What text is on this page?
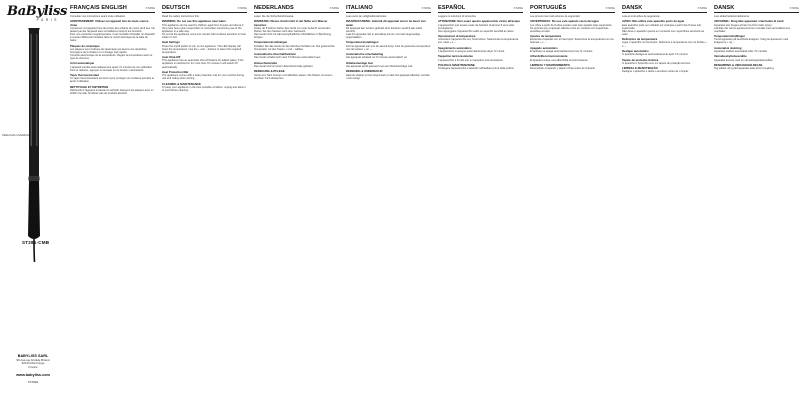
BaByliss
PARIS
Tablet'rs/Ion Multi/Ultra
ST281-CMB
BABYLISS SARL
99 Avenue Aristide Briand
92120 Montrouge
France
www.babyliss.com
ST281E
FRANÇAIS ENGLISH	ST281E
Consultez ces instructions avant toute utilisation
AVERTISSEMENT: Utilisez cet appareil loin de toute source d'eau
Conservez cet appareil hors de portée des enfants de moins de 8 ans. Ne laissez jamais l'appareil sans surveillance lorsqu'il est branché.
Pour une protection supplémentaire, il est conseillé d'installer un dispositif à courant différentiel résiduel dans le circuit électrique de la salle de bains.
Plaques de céramique
Les plaques sont revêtues de céramique qui assure une répartition homogène de la chaleur et un lissage plus rapide.
Contrôle électronique de la température. Réglez la température selon le type de cheveux.
Arrêt automatique
L'appareil s'arrête automatiquement après 72 minutes de non utilisation. Pour le rallumer, appuyez à nouveau sur le bouton marche/arrêt.
Tapis thermorésistant
Un tapis thermorésistant est fourni pour protéger vos surfaces pendant et après l'utilisation.
NETTOYAGE ET ENTRETIEN
Débranchez l'appareil et laissez-le refroidir. Essuyez les plaques avec un chiffon humide. N'utilisez pas de produits abrasifs.
DEUTSCH	ST281E
Read the safety instructions first.
WARNING: Do not use this appliance near water
This appliance can be used by children aged from 8 years and above if they have been given supervision or instruction concerning use of the appliance in a safe way.
Do not let the appliance come into contact with surfaces sensitive to heat while it is hot.
Heat Settings
Press the on/off switch to turn on the appliance. The LED display will show the temperature. Use the + and − buttons to select the required temperature.
Auto Shut-Off
This appliance has an automatic shut-off feature for added safety. If the appliance is switched on for more than 72 minutes it will switch off automatically.
Heat Protection Mat
The appliance comes with a heat protection mat for your comfort during use and safety when storing.
CLEANING & MAINTENANCE
To keep your appliance in the best possible condition, unplug and allow it to cool before cleaning.
NEDERLANDS	ST281E
Lesen Sie die Sicherheitshinweise.
WARNUNG: Dieses Gerät nicht in der Nähe von Wasser benutzen
Kinder ab 8 Jahren dürfen das Gerät nur unter Aufsicht verwenden. Ziehen Sie den Stecker nach dem Gebrauch.
Das Gerät nicht mit wärmeempfindlichen Oberflächen in Berührung bringen.
Temperatureinstellungen
Schalten Sie das Gerät mit dem Ein/Aus-Schalter ein. Die gewünschte Temperatur mit den Tasten + und − wählen.
Automatische Abschaltfunktion
Das Gerät schaltet sich nach 72 Minuten automatisch aus.
Hitzeschutzmatte
Das Gerät wird mit einer Hitzeschutzmatte geliefert.
REINIGUNG & PFLEGE
Gerät vom Netz trennen und abkühlen lassen. Die Platten mit einem feuchten Tuch abwischen.
ITALIANO	ST281E
Lees eerst de veiligheidsinstructies.
WAARSCHUWING: Gebruik dit apparaat niet in de buurt van water
Dit apparaat kan worden gebruikt door kinderen vanaf 8 jaar onder toezicht.
Laat het apparaat niet in aanraking komen met warmtegevoelige oppervlakken.
Temperatuurinstellingen
Zet het apparaat aan met de aan/uit-knop. Kies de gewenste temperatuur met de toetsen + en −.
Automatische uitschakeling
Het apparaat schakelt na 72 minuten automatisch uit.
Hittebestendige mat
Het apparaat wordt geleverd met een hittebestendige mat.
REINIGING & ONDERHOUD
Haal de stekker uit het stopcontact en laat het apparaat afkoelen voordat u het reinigt.
ESPAÑOL	ST281E
Leggere le istruzioni di sicurezza.
ATTENZIONE: Non usare questo apparecchio vicino all'acqua
L'apparecchio può essere usato da bambini di almeno 8 anni sotto sorveglianza.
Non appoggiare l'apparecchio caldo su superfici sensibili al calore.
Impostazioni di temperatura
Accendere l'apparecchio con l'interruttore. Selezionare la temperatura con i tasti + e −.
Spegnimento automatico
L'apparecchio si spegne automaticamente dopo 72 minuti.
Tappetino termoresistente
L'apparecchio è fornito con un tappetino termoresistente.
PULIZIA E MANUTENZIONE
Scollegare l'apparecchio e lasciarlo raffreddare prima della pulizia.
PORTUGUÊS	ST281E
Lea primero las instrucciones de seguridad.
ADVERTENCIA: No use este aparato cerca del agua
Los niños a partir de 8 años pueden usar este aparato bajo supervisión.
No permita que el aparato caliente entre en contacto con superficies sensibles al calor.
Ajustes de temperatura
Encienda el aparato con el interruptor. Seleccione la temperatura con los botones + y −.
Apagado automático
El aparato se apaga automáticamente tras 72 minutos.
Alfombrilla termorresistente
El aparato incluye una alfombrilla termorresistente.
LIMPIEZA Y MANTENIMIENTO
Desenchufe el aparato y déjelo enfriar antes de limpiarlo.
DANSK	ST281E
Leia as instruções de segurança.
AVISO: Não utilize este aparelho perto da água
Este aparelho pode ser utilizado por crianças a partir dos 8 anos sob supervisão.
Não deixe o aparelho quente em contacto com superfícies sensíveis ao calor.
Definições de temperatura
Ligue o aparelho no interruptor. Selecione a temperatura com os botões + e −.
Desligar automático
O aparelho desliga-se automaticamente após 72 minutos.
Tapete de proteção térmica
O aparelho é fornecido com um tapete de proteção térmica.
LIMPEZA E MANUTENÇÃO
Desligue o aparelho e deixe-o arrefecer antes de o limpar.
DANSK	ST281E
Læs sikkerhedsinstruktionerne.
ADVARSEL: Brug ikke apparatet i nærheden af vand
Apparatet kan bruges af børn fra 8 år under opsyn.
Lad ikke det varme apparat komme i kontakt med varmefølsomme overflader.
Temperaturindstillinger
Tænd apparatet på tænd/sluk-knappen. Vælg temperaturen med knapperne + og −.
Automatisk slukning
Apparatet slukker automatisk efter 72 minutter.
Varmebeskyttelsesmåtte
Apparatet leveres med en varmebeskyttelsesmåtte.
RENGØRING & VEDLIGEHOLDELSE
Tag stikket ud og lad apparatet køle af før rengøring.
